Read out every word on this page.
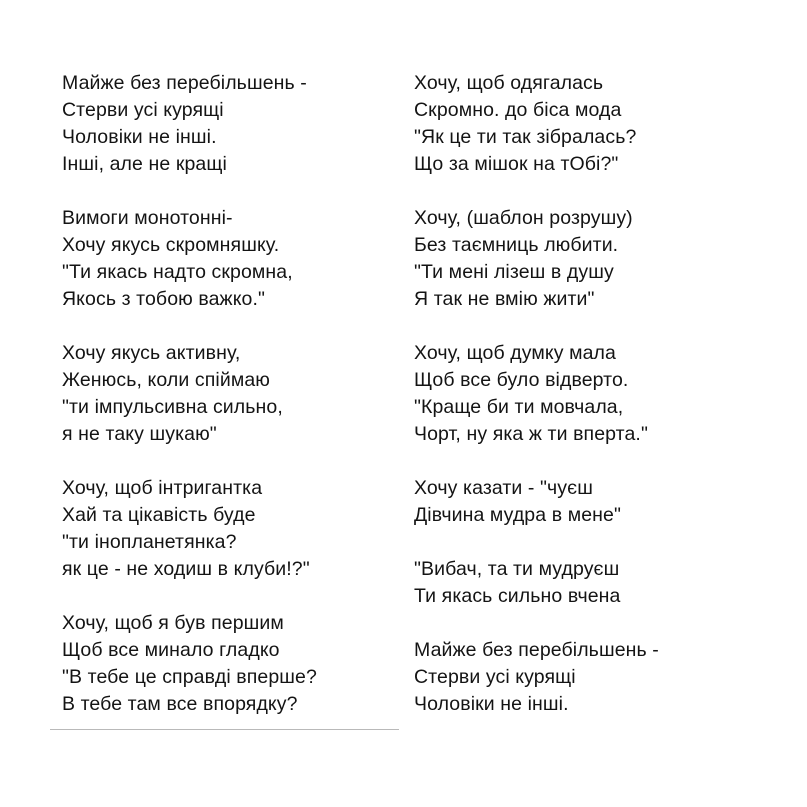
Майже без перебільшень -
Стерви усі курящі
Чоловіки не інші.
Інші, але не кращі
Вимоги монотонні-
Хочу якусь скромняшку.
"Ти якась надто скромна,
Якось з тобою важко."
Хочу якусь активну,
Женюсь, коли спіймаю
"ти імпульсивна сильно,
я не таку шукаю"
Хочу, щоб інтригантка
Хай та цікавість буде
"ти інопланетянка?
як це - не ходиш в клуби!?"
Хочу, щоб я був першим
Щоб все минало гладко
"В тебе це справді вперше?
В тебе там все впорядку?
Хочу, щоб одягалась
Скромно. до біса мода
"Як це ти так зібралась?
Що за мішок на тОбі?"
Хочу, (шаблон розрушу)
Без таємниць любити.
"Ти мені лізеш в душу
Я так не вмію жити"
Хочу, щоб думку мала
Щоб все було відверто.
"Краще би ти мовчала,
Чорт, ну яка ж ти вперта."
Хочу казати - "чуєш
Дівчина мудра в мене"
"Вибач, та ти мудруєш
Ти якась сильно вчена
Майже без перебільшень -
Стерви усі курящі
Чоловіки не інші.
